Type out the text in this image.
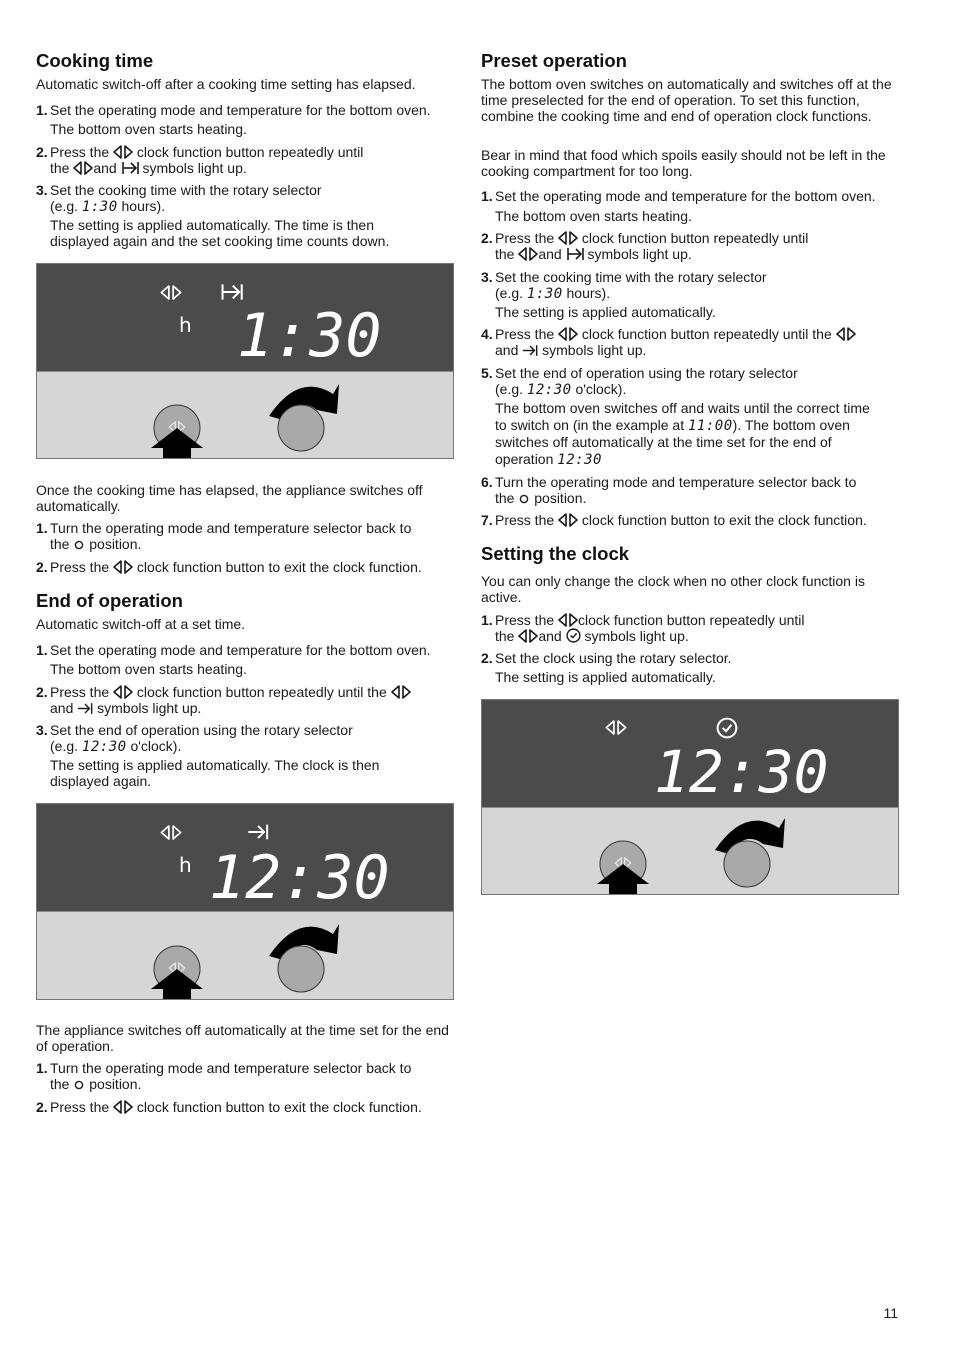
Cooking time

Automatic switch-off after a cooking time setting has elapsed.

1. Set the operating mode and temperature for the bottom oven.
The bottom oven starts heating.
2. Press the clock function button repeatedly until
the and symbols light up.
3. Set the cooking time with the rotary selector
(e.g. 1:30 hours).
The setting is applied automatically. The time is then
displayed again and the set cooking time counts down.
h 1:30

Once the cooking time has elapsed, the appliance switches off automatically.

1. Turn the operating mode and temperature selector back to
the position.
2. Press the clock function button to exit the clock function.
End of operation

Automatic switch-off at a set time.

1. Set the operating mode and temperature for the bottom oven.
The bottom oven starts heating.
2. Press the clock function button repeatedly until the
and symbols light up.
3. Set the end of operation using the rotary selector
(e.g. 12:30 o'clock).
The setting is applied automatically. The clock is then
displayed again.
h 12:30

The appliance switches off automatically at the time set for the end of operation.

1. Turn the operating mode and temperature selector back to
the position.
2. Press the clock function button to exit the clock function.
Preset operation

The bottom oven switches on automatically and switches off at the time preselected for the end of operation. To set this function, combine the cooking time and end of operation clock functions.

Bear in mind that food which spoils easily should not be left in the cooking compartment for too long.

1. Set the operating mode and temperature for the bottom oven.
The bottom oven starts heating.
2. Press the clock function button repeatedly until
the and symbols light up.
3. Set the cooking time with the rotary selector
(e.g. 1:30 hours).
The setting is applied automatically.
4. Press the clock function button repeatedly until the
and symbols light up.
5. Set the end of operation using the rotary selector
(e.g. 12:30 o'clock).
The bottom oven switches off and waits until the correct time
to switch on (in the example at 11:00). The bottom oven
switches off automatically at the time set for the end of
operation 12:30
6. Turn the operating mode and temperature selector back to
the position.
7. Press the clock function button to exit the clock function.
Setting the clock

You can only change the clock when no other clock function is active.

1. Press the clock function button repeatedly until
the and symbols light up.
2. Set the clock using the rotary selector.
The setting is applied automatically.
12:30
11
